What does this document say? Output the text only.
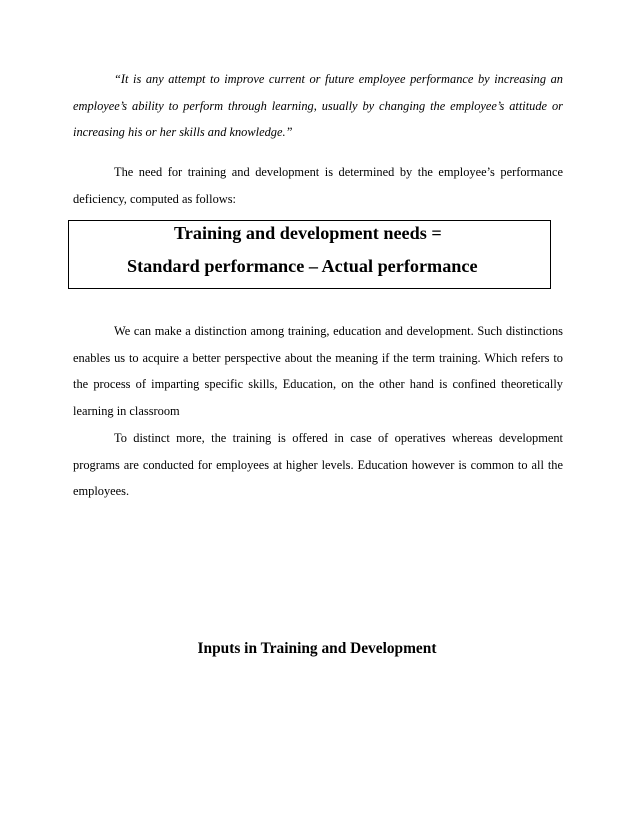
“It is any attempt to improve current or future employee performance by increasing an employee’s ability to perform through learning, usually by changing the employee’s attitude or increasing his or her skills and knowledge.”

The need for training and development is determined by the employee’s performance deficiency, computed as follows:

Training and development needs =
Standard performance – Actual performance

We can make a distinction among training, education and development. Such distinctions enables us to acquire a better perspective about the meaning if the term training. Which refers to the process of imparting specific skills, Education, on the other hand is confined theoretically learning in classroom

To distinct more, the training is offered in case of operatives whereas development programs are conducted for employees at higher levels. Education however is common to all the employees.

Inputs in Training and Development
